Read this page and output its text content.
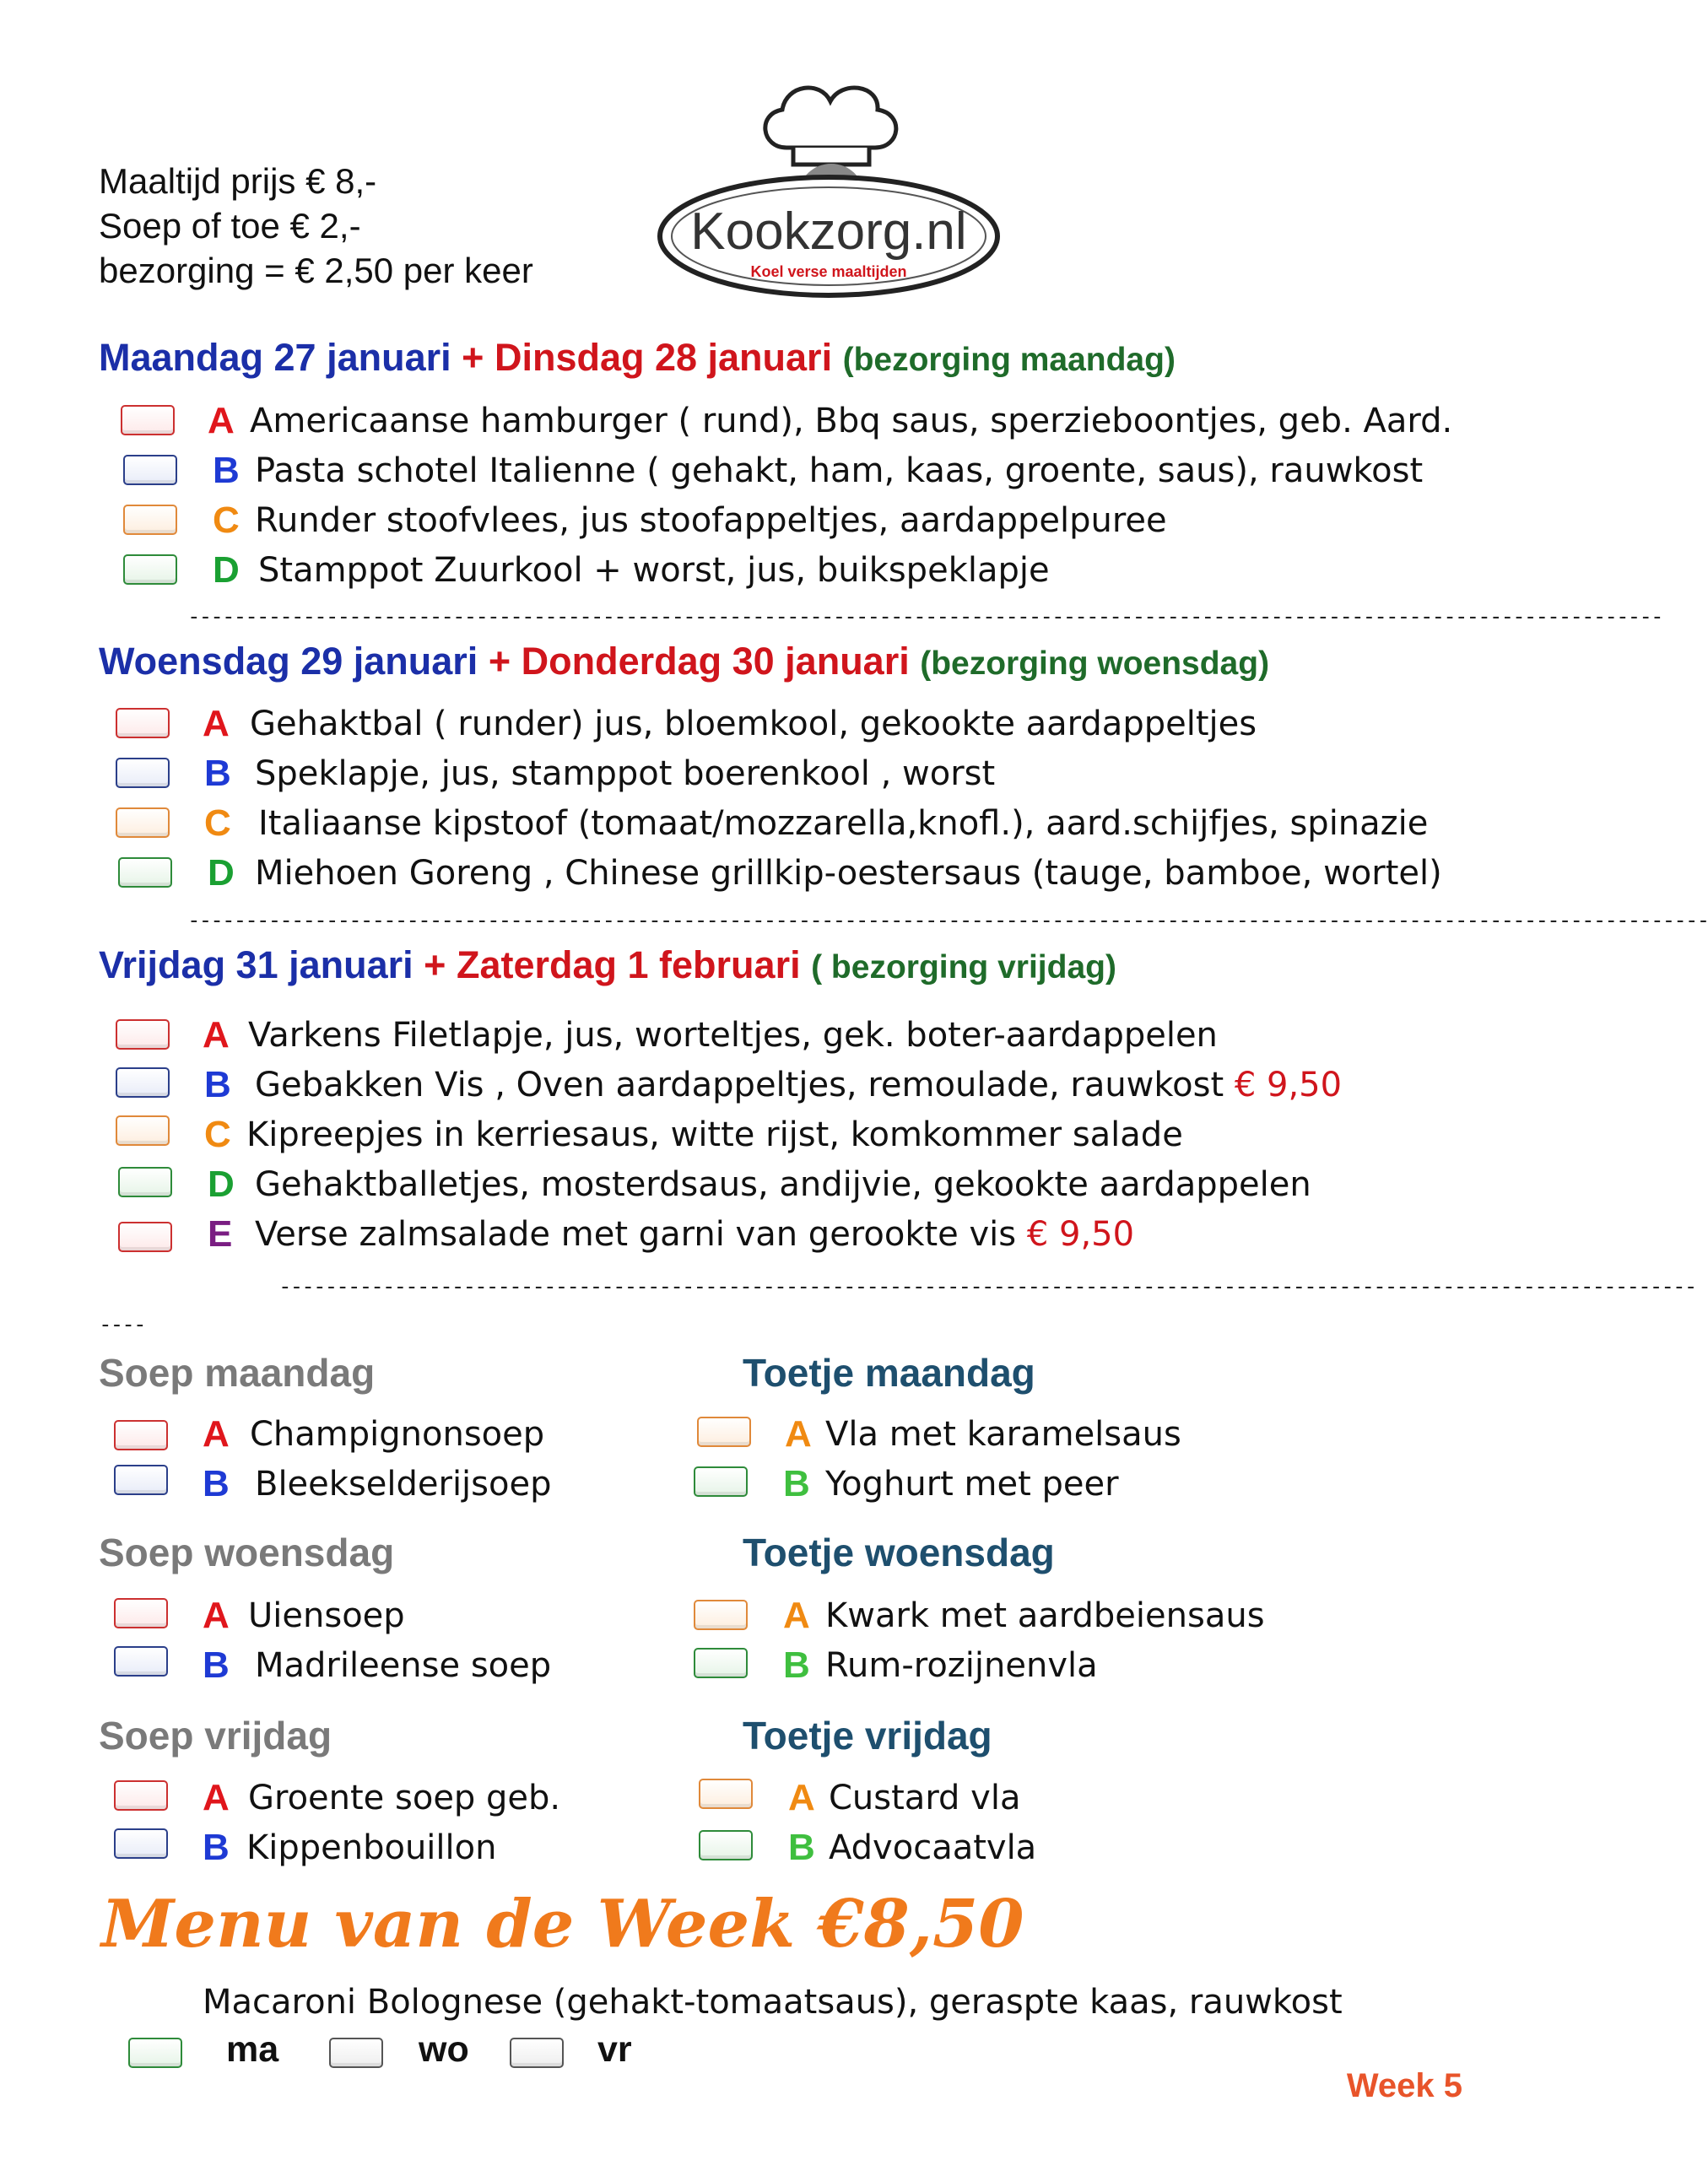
Maaltijd prijs € 8,-
Soep of toe € 2,-
bezorging = € 2,50 per keer
Kookzorg.nl
Koel verse maaltijden
Maandag 27 januari + Dinsdag 28 januari (bezorging maandag)
A Americaanse hamburger ( rund), Bbq saus, sperzieboontjes, geb. Aard.
B Pasta schotel Italienne ( gehakt, ham, kaas, groente, saus), rauwkost
C Runder stoofvlees, jus stoofappeltjes, aardappelpuree
D Stamppot Zuurkool + worst, jus, buikspeklapje
--------------------------------------------------------------------------------------------------------------------------------
Woensdag 29 januari + Donderdag 30 januari (bezorging woensdag)
A Gehaktbal ( runder) jus, bloemkool, gekookte aardappeltjes
B Speklapje, jus, stamppot boerenkool , worst
C Italiaanse kipstoof (tomaat/mozzarella,knofl.), aard.schijfjes, spinazie
D Miehoen Goreng , Chinese grillkip-oestersaus (tauge, bamboe, wortel)
------------------------------------------------------------------------------------------------------------------------------------
Vrijdag 31 januari + Zaterdag 1 februari ( bezorging vrijdag)
A Varkens Filetlapje, jus, worteltjes, gek. boter-aardappelen
B Gebakken Vis , Oven aardappeltjes, remoulade, rauwkost € 9,50
C Kipreepjes in kerriesaus, witte rijst, komkommer salade
D Gehaktballetjes, mosterdsaus, andijvie, gekookte aardappelen
E Verse zalmsalade met garni van gerookte vis € 9,50
---------------------------------------------------------------------------------------------------------------------------
----
Soep maandag
Soep woensdag
Soep vrijdag
A Champignonsoep
B Bleekselderijsoep
A Uiensoep
B Madrileense soep
A Groente soep geb.
B Kippenbouillon
Toetje maandag
Toetje woensdag
Toetje vrijdag
A Vla met karamelsaus
B Yoghurt met peer
A Kwark met aardbeiensaus
B Rum-rozijnenvla
A Custard vla
B Advocaatvla
Menu van de Week €8,50
Macaroni Bolognese (gehakt-tomaatsaus), geraspte kaas, rauwkost
ma	wo	vr
Week 5
